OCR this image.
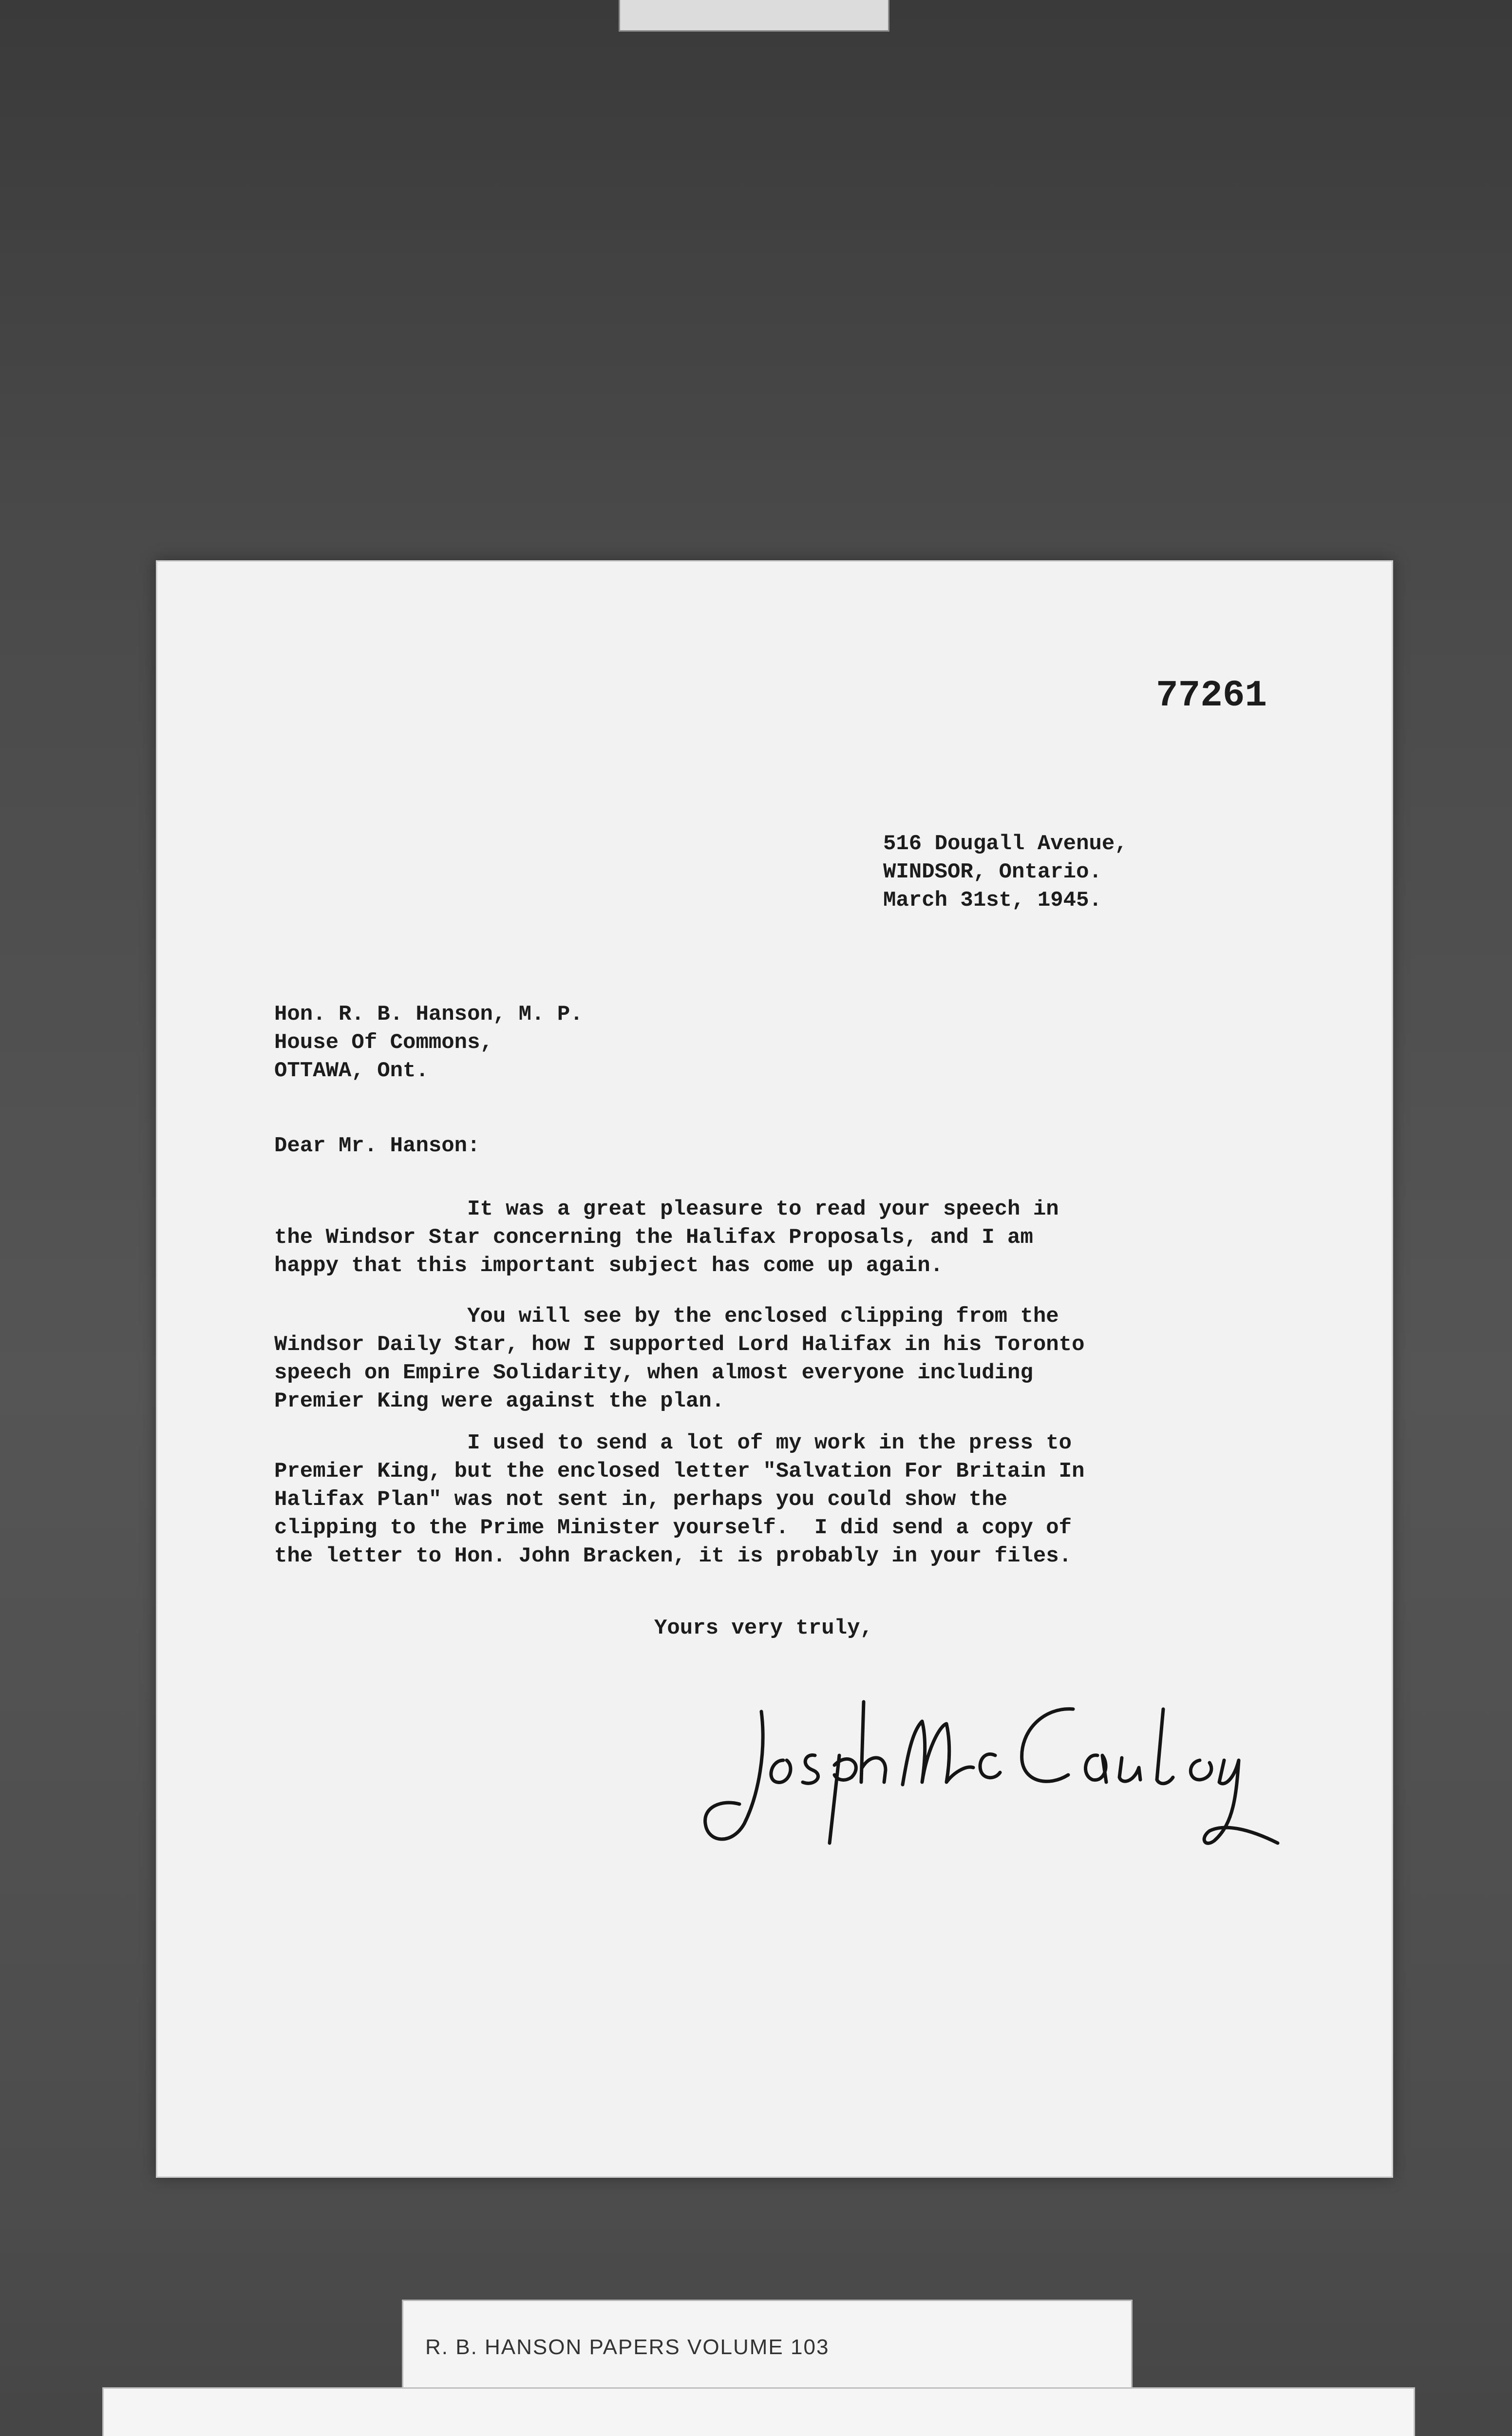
77261

516 Dougall Avenue,
WINDSOR, Ontario.
March 31st, 1945.

Hon. R. B. Hanson, M. P.
House Of Commons,
OTTAWA, Ont.

Dear Mr. Hanson:

It was a great pleasure to read your speech in
the Windsor Star concerning the Halifax Proposals, and I am
happy that this important subject has come up again.

You will see by the enclosed clipping from the
Windsor Daily Star, how I supported Lord Halifax in his Toronto
speech on Empire Solidarity, when almost everyone including
Premier King were against the plan.

I used to send a lot of my work in the press to
Premier King, but the enclosed letter "Salvation For Britain In
Halifax Plan" was not sent in, perhaps you could show the
clipping to the Prime Minister yourself.  I did send a copy of
the letter to Hon. John Bracken, it is probably in your files.

Yours very truly,

R. B. HANSON PAPERS VOLUME 103
